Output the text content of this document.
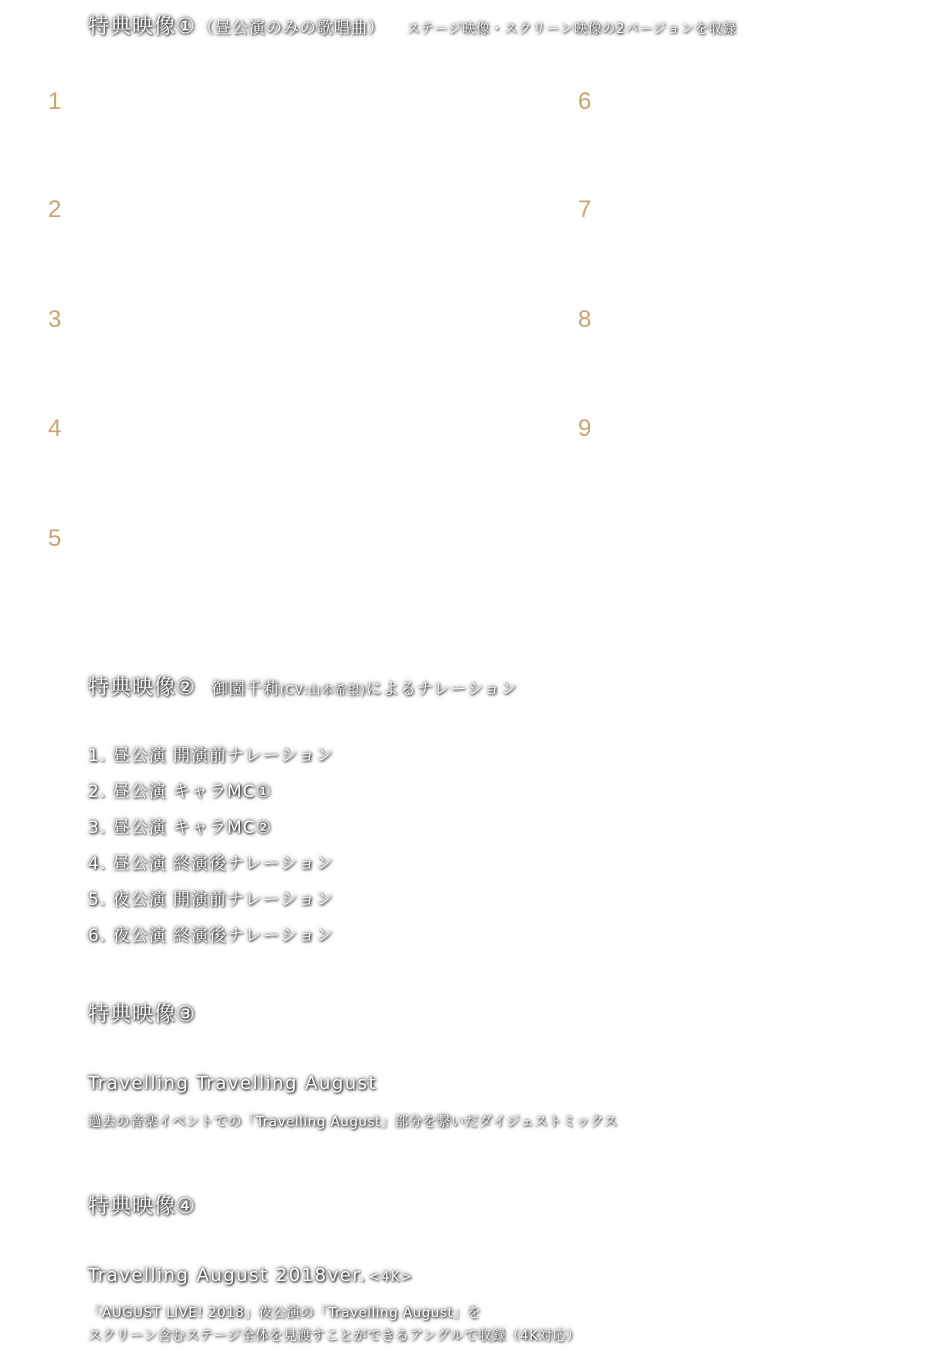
特典映像① （昼公演のみの歌唱曲） ステージ映像・スクリーン映像の2バージョンを収録
1
2
3
4
5
6
7
8
9
特典映像② 御園千莉(CV:山本希望)によるナレーション
1. 昼公演 開演前ナレーション
2. 昼公演 キャラMC①
3. 昼公演 キャラMC②
4. 昼公演 終演後ナレーション
5. 夜公演 開演前ナレーション
6. 夜公演 終演後ナレーション
特典映像③
Travelling Travelling August
過去の音楽イベントでの「Travelling August」部分を繋いだダイジェストミックス
特典映像④
Travelling August 2018ver. <4K>
「AUGUST LIVE! 2018」夜公演の「Travelling August」を
スクリーン含むステージ全体を見渡すことができるアングルで収録（4K対応）
